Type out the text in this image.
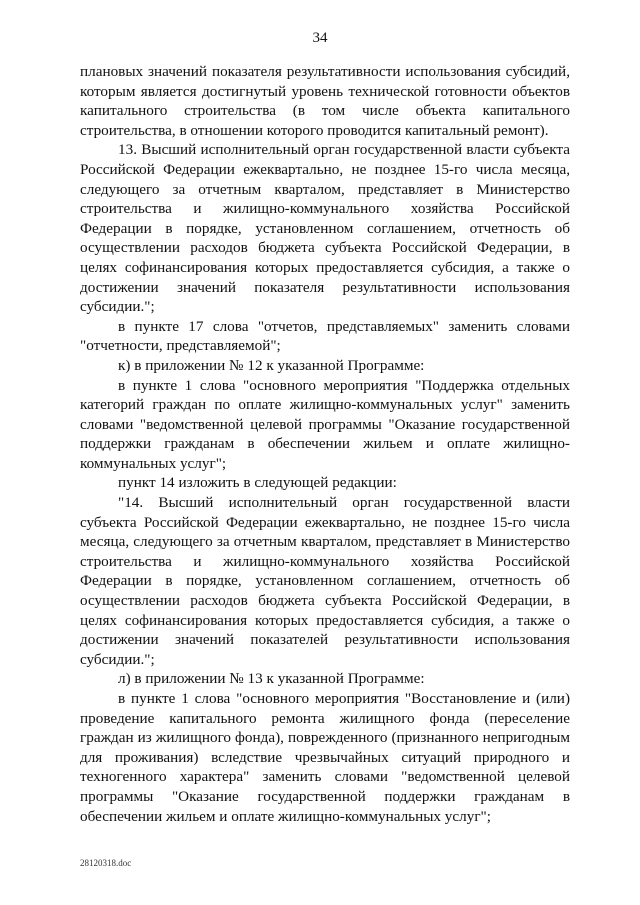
34

плановых значений показателя результативности использования субсидий, которым является достигнутый уровень технической готовности объектов капитального строительства (в том числе объекта капитального строительства, в отношении которого проводится капитальный ремонт).

13. Высший исполнительный орган государственной власти субъекта Российской Федерации ежеквартально, не позднее 15-го числа месяца, следующего за отчетным кварталом, представляет в Министерство строительства и жилищно-коммунального хозяйства Российской Федерации в порядке, установленном соглашением, отчетность об осуществлении расходов бюджета субъекта Российской Федерации, в целях софинансирования которых предоставляется субсидия, а также о достижении значений показателя результативности использования субсидии.";

в пункте 17 слова "отчетов, представляемых" заменить словами "отчетности, представляемой";

к) в приложении № 12 к указанной Программе:

в пункте 1 слова "основного мероприятия "Поддержка отдельных категорий граждан по оплате жилищно-коммунальных услуг" заменить словами "ведомственной целевой программы "Оказание государственной поддержки гражданам в обеспечении жильем и оплате жилищно-коммунальных услуг";

пункт 14 изложить в следующей редакции:

"14. Высший исполнительный орган государственной власти субъекта Российской Федерации ежеквартально, не позднее 15-го числа месяца, следующего за отчетным кварталом, представляет в Министерство строительства и жилищно-коммунального хозяйства Российской Федерации в порядке, установленном соглашением, отчетность об осуществлении расходов бюджета субъекта Российской Федерации, в целях софинансирования которых предоставляется субсидия, а также о достижении значений показателей результативности использования субсидии.";

л) в приложении № 13 к указанной Программе:

в пункте 1 слова "основного мероприятия "Восстановление и (или) проведение капитального ремонта жилищного фонда (переселение граждан из жилищного фонда), поврежденного (признанного непригодным для проживания) вследствие чрезвычайных ситуаций природного и техногенного характера" заменить словами "ведомственной целевой программы "Оказание государственной поддержки гражданам в обеспечении жильем и оплате жилищно-коммунальных услуг";

28120318.doc
